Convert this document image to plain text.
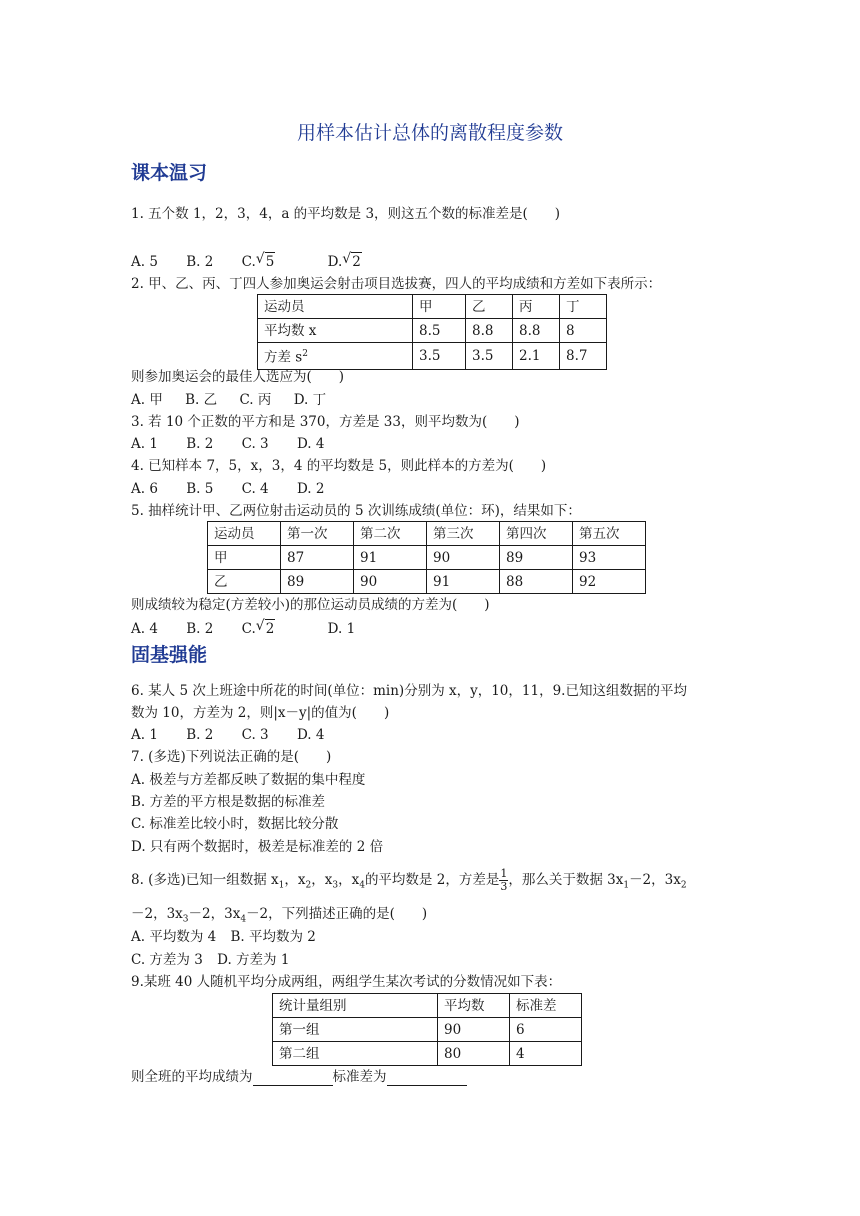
用样本估计总体的离散程度参数
课本温习
1. 五个数 1，2，3，4，a 的平均数是 3，则这五个数的标准差是(　　)
A. 5 B. 2 C.√ 5	D.√ 2
2. 甲、乙、丙、丁四人参加奥运会射击项目选拔赛，四人的平均成绩和方差如下表所示：
运动员	甲	乙	丙	丁
平均数 x	8.5	8.8	8.8	8
方差 $s^2$	3.5	3.5	2.1	8.7
则参加奥运会的最佳人选应为(　　)
A. 甲 B. 乙 C. 丙 D. 丁
3. 若 10 个正数的平方和是 370，方差是 33，则平均数为(　　)
A. 1 B. 2 C. 3 D. 4
4. 已知样本 7，5，x，3，4 的平均数是 5，则此样本的方差为(　　)
A. 6 B. 5 C. 4 D. 2
5. 抽样统计甲、乙两位射击运动员的 5 次训练成绩(单位：环)，结果如下：
运动员	第一次	第二次	第三次	第四次	第五次
甲	87	91	90	89	93
乙	89	90	91	88	92
则成绩较为稳定(方差较小)的那位运动员成绩的方差为(　　)
A. 4 B. 2 C.√ 2	D. 1
固基强能
6. 某人 5 次上班途中所花的时间(单位：min)分别为 x，y，10，11，9.已知这组数据的平均
数为 10，方差为 2，则|x－y|的值为(　　)
A. 1 B. 2 C. 3 D. 4
7. (多选)下列说法正确的是(　　)
A. 极差与方差都反映了数据的集中程度
B. 方差的平方根是数据的标准差
C. 标准差比较小时，数据比较分散
D. 只有两个数据时，极差是标准差的 2 倍
8. (多选)已知一组数据 $x_1$，$x_2$，$x_3$，$x_4$的平均数是 2，方差是 $\frac{1}{3}$ ，那么关于数据 $3x_1-2$，$3x_2$
－2，$3x_3-2$，$3x_4-2$，下列描述正确的是(　　)
A. 平均数为 4 B. 平均数为 2
C. 方差为 3 D. 方差为 1
9.某班 40 人随机平均分成两组，两组学生某次考试的分数情况如下表：
统计量组别	平均数	标准差
第一组	90	6
第二组	80	4
则全班的平均成绩为	标准差为
